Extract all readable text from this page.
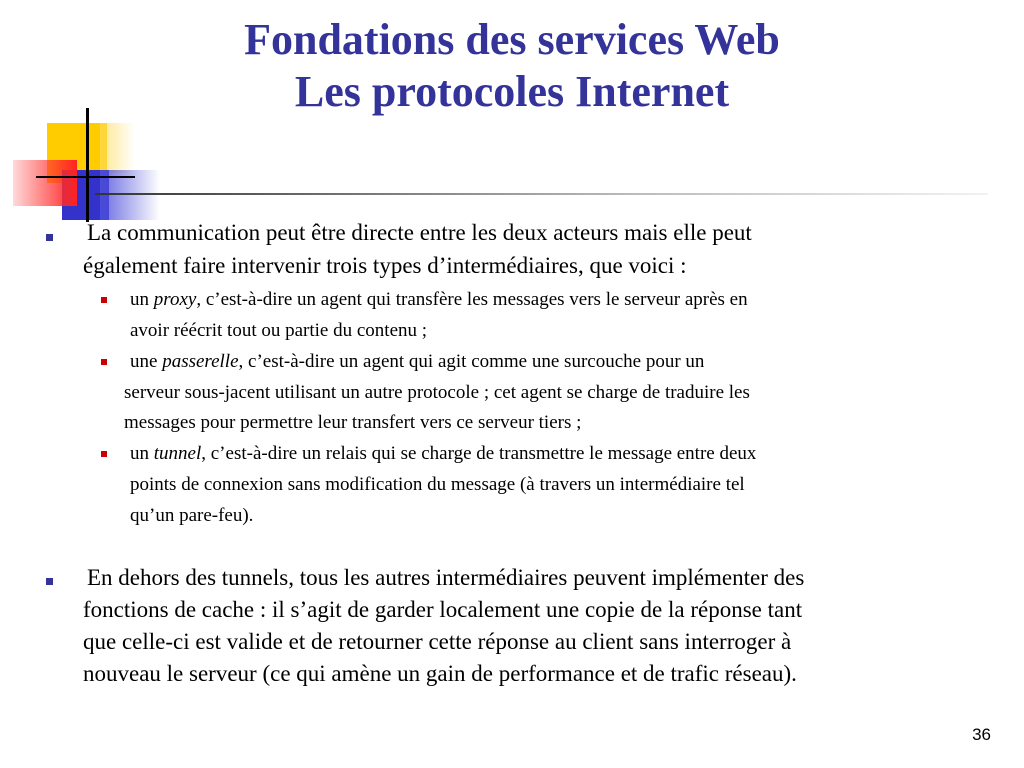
Fondations des services Web
Les protocoles Internet
La communication peut être directe entre les deux acteurs mais elle peut
également faire intervenir trois types d’intermédiaires, que voici :
un proxy, c’est-à-dire un agent qui transfère les messages vers le serveur après en
avoir réécrit tout ou partie du contenu ;
une passerelle, c’est-à-dire un agent qui agit comme une surcouche pour un
serveur sous-jacent utilisant un autre protocole ; cet agent se charge de traduire les
messages pour permettre leur transfert vers ce serveur tiers ;
un tunnel, c’est-à-dire un relais qui se charge de transmettre le message entre deux
points de connexion sans modification du message (à travers un intermédiaire tel
qu’un pare-feu).
En dehors des tunnels, tous les autres intermédiaires peuvent implémenter des
fonctions de cache : il s’agit de garder localement une copie de la réponse tant
que celle-ci est valide et de retourner cette réponse au client sans interroger à
nouveau le serveur (ce qui amène un gain de performance et de trafic réseau).
36
